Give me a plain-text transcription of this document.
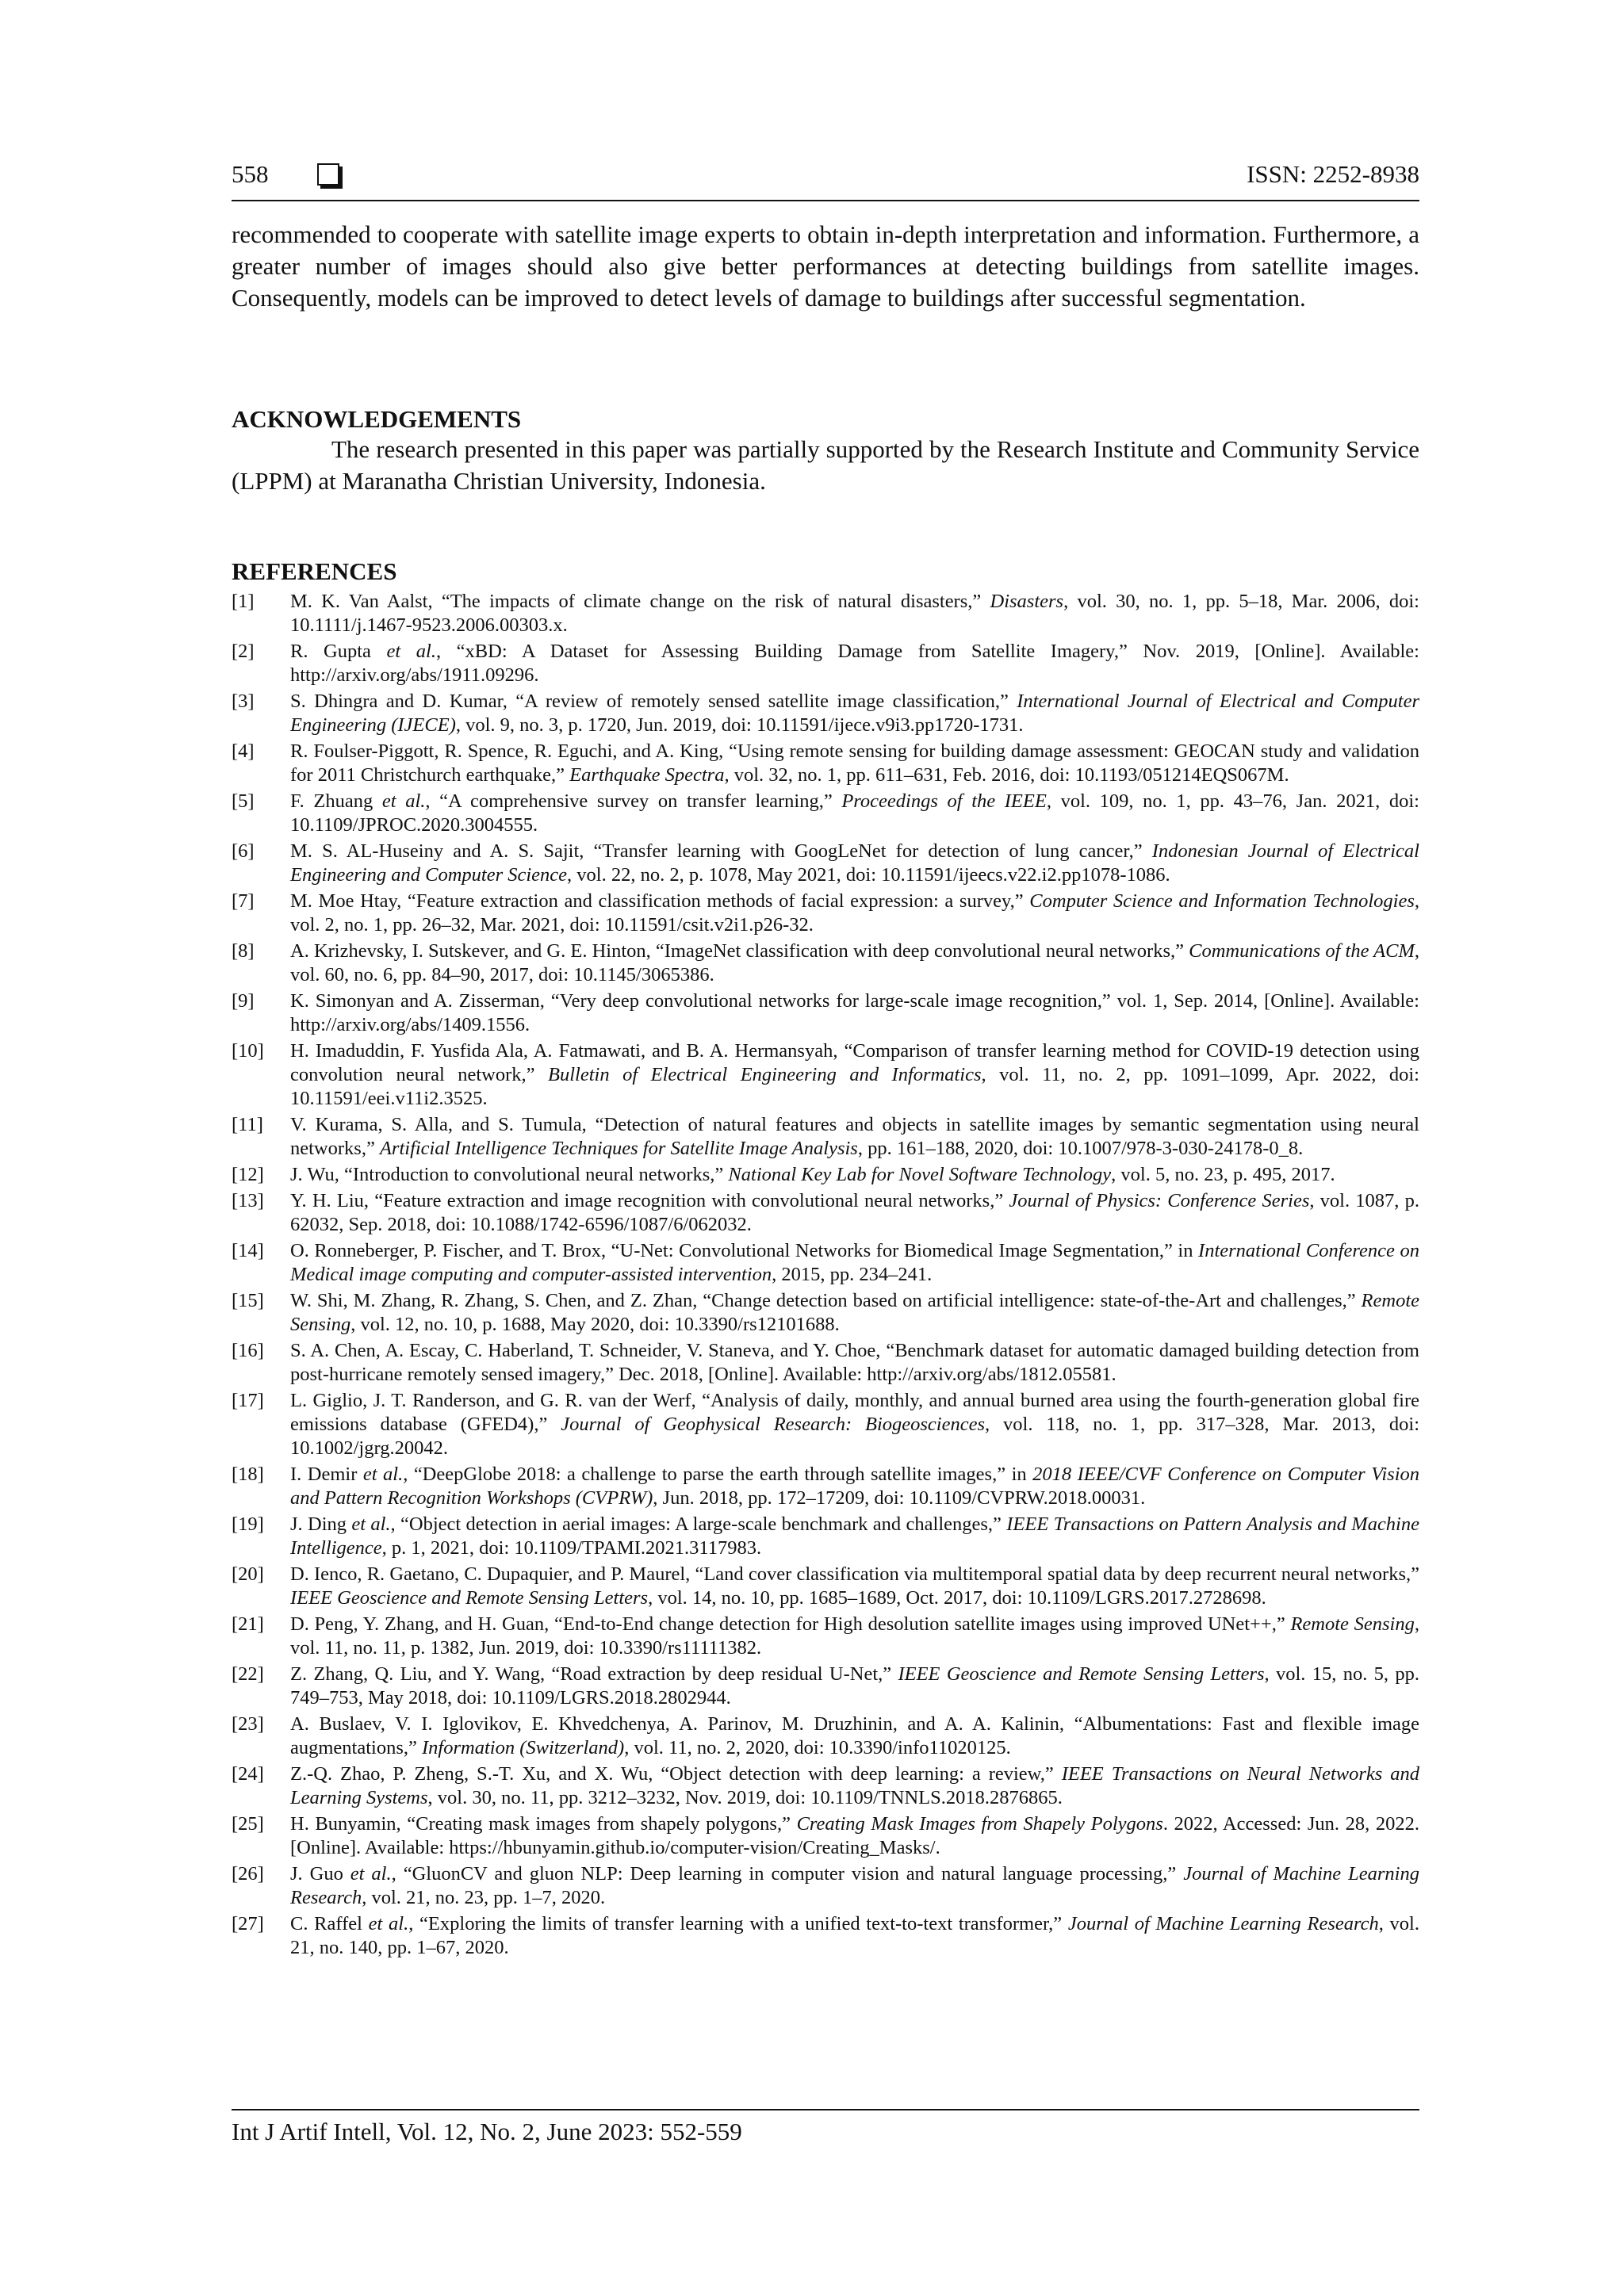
558	ISSN: 2252-8938

recommended to cooperate with satellite image experts to obtain in-depth interpretation and information. Furthermore, a greater number of images should also give better performances at detecting buildings from satellite images. Consequently, models can be improved to detect levels of damage to buildings after successful segmentation.

ACKNOWLEDGEMENTS

The research presented in this paper was partially supported by the Research Institute and Community Service (LPPM) at Maranatha Christian University, Indonesia.

REFERENCES
[1] M. K. Van Aalst, “The impacts of climate change on the risk of natural disasters,” Disasters, vol. 30, no. 1, pp. 5–18, Mar. 2006, doi: 10.1111/j.1467-9523.2006.00303.x.
[2] R. Gupta et al., “xBD: A Dataset for Assessing Building Damage from Satellite Imagery,” Nov. 2019, [Online]. Available: http://arxiv.org/abs/1911.09296.
[3] S. Dhingra and D. Kumar, “A review of remotely sensed satellite image classification,” International Journal of Electrical and Computer Engineering (IJECE), vol. 9, no. 3, p. 1720, Jun. 2019, doi: 10.11591/ijece.v9i3.pp1720-1731.
[4] R. Foulser-Piggott, R. Spence, R. Eguchi, and A. King, “Using remote sensing for building damage assessment: GEOCAN study and validation for 2011 Christchurch earthquake,” Earthquake Spectra, vol. 32, no. 1, pp. 611–631, Feb. 2016, doi: 10.1193/051214EQS067M.
[5] F. Zhuang et al., “A comprehensive survey on transfer learning,” Proceedings of the IEEE, vol. 109, no. 1, pp. 43–76, Jan. 2021, doi: 10.1109/JPROC.2020.3004555.
[6] M. S. AL-Huseiny and A. S. Sajit, “Transfer learning with GoogLeNet for detection of lung cancer,” Indonesian Journal of Electrical Engineering and Computer Science, vol. 22, no. 2, p. 1078, May 2021, doi: 10.11591/ijeecs.v22.i2.pp1078-1086.
[7] M. Moe Htay, “Feature extraction and classification methods of facial expression: a survey,” Computer Science and Information Technologies, vol. 2, no. 1, pp. 26–32, Mar. 2021, doi: 10.11591/csit.v2i1.p26-32.
[8] A. Krizhevsky, I. Sutskever, and G. E. Hinton, “ImageNet classification with deep convolutional neural networks,” Communications of the ACM, vol. 60, no. 6, pp. 84–90, 2017, doi: 10.1145/3065386.
[9] K. Simonyan and A. Zisserman, “Very deep convolutional networks for large-scale image recognition,” vol. 1, Sep. 2014, [Online]. Available: http://arxiv.org/abs/1409.1556.
[10] H. Imaduddin, F. Yusfida Ala, A. Fatmawati, and B. A. Hermansyah, “Comparison of transfer learning method for COVID-19 detection using convolution neural network,” Bulletin of Electrical Engineering and Informatics, vol. 11, no. 2, pp. 1091–1099, Apr. 2022, doi: 10.11591/eei.v11i2.3525.
[11] V. Kurama, S. Alla, and S. Tumula, “Detection of natural features and objects in satellite images by semantic segmentation using neural networks,” Artificial Intelligence Techniques for Satellite Image Analysis, pp. 161–188, 2020, doi: 10.1007/978-3-030-24178-0_8.
[12] J. Wu, “Introduction to convolutional neural networks,” National Key Lab for Novel Software Technology, vol. 5, no. 23, p. 495, 2017.
[13] Y. H. Liu, “Feature extraction and image recognition with convolutional neural networks,” Journal of Physics: Conference Series, vol. 1087, p. 62032, Sep. 2018, doi: 10.1088/1742-6596/1087/6/062032.
[14] O. Ronneberger, P. Fischer, and T. Brox, “U-Net: Convolutional Networks for Biomedical Image Segmentation,” in International Conference on Medical image computing and computer-assisted intervention, 2015, pp. 234–241.
[15] W. Shi, M. Zhang, R. Zhang, S. Chen, and Z. Zhan, “Change detection based on artificial intelligence: state-of-the-Art and challenges,” Remote Sensing, vol. 12, no. 10, p. 1688, May 2020, doi: 10.3390/rs12101688.
[16] S. A. Chen, A. Escay, C. Haberland, T. Schneider, V. Staneva, and Y. Choe, “Benchmark dataset for automatic damaged building detection from post-hurricane remotely sensed imagery,” Dec. 2018, [Online]. Available: http://arxiv.org/abs/1812.05581.
[17] L. Giglio, J. T. Randerson, and G. R. van der Werf, “Analysis of daily, monthly, and annual burned area using the fourth-generation global fire emissions database (GFED4),” Journal of Geophysical Research: Biogeosciences, vol. 118, no. 1, pp. 317–328, Mar. 2013, doi: 10.1002/jgrg.20042.
[18] I. Demir et al., “DeepGlobe 2018: a challenge to parse the earth through satellite images,” in 2018 IEEE/CVF Conference on Computer Vision and Pattern Recognition Workshops (CVPRW), Jun. 2018, pp. 172–17209, doi: 10.1109/CVPRW.2018.00031.
[19] J. Ding et al., “Object detection in aerial images: A large-scale benchmark and challenges,” IEEE Transactions on Pattern Analysis and Machine Intelligence, p. 1, 2021, doi: 10.1109/TPAMI.2021.3117983.
[20] D. Ienco, R. Gaetano, C. Dupaquier, and P. Maurel, “Land cover classification via multitemporal spatial data by deep recurrent neural networks,” IEEE Geoscience and Remote Sensing Letters, vol. 14, no. 10, pp. 1685–1689, Oct. 2017, doi: 10.1109/LGRS.2017.2728698.
[21] D. Peng, Y. Zhang, and H. Guan, “End-to-End change detection for High desolution satellite images using improved UNet++,” Remote Sensing, vol. 11, no. 11, p. 1382, Jun. 2019, doi: 10.3390/rs11111382.
[22] Z. Zhang, Q. Liu, and Y. Wang, “Road extraction by deep residual U-Net,” IEEE Geoscience and Remote Sensing Letters, vol. 15, no. 5, pp. 749–753, May 2018, doi: 10.1109/LGRS.2018.2802944.
[23] A. Buslaev, V. I. Iglovikov, E. Khvedchenya, A. Parinov, M. Druzhinin, and A. A. Kalinin, “Albumentations: Fast and flexible image augmentations,” Information (Switzerland), vol. 11, no. 2, 2020, doi: 10.3390/info11020125.
[24] Z.-Q. Zhao, P. Zheng, S.-T. Xu, and X. Wu, “Object detection with deep learning: a review,” IEEE Transactions on Neural Networks and Learning Systems, vol. 30, no. 11, pp. 3212–3232, Nov. 2019, doi: 10.1109/TNNLS.2018.2876865.
[25] H. Bunyamin, “Creating mask images from shapely polygons,” Creating Mask Images from Shapely Polygons. 2022, Accessed: Jun. 28, 2022. [Online]. Available: https://hbunyamin.github.io/computer-vision/Creating_Masks/.
[26] J. Guo et al., “GluonCV and gluon NLP: Deep learning in computer vision and natural language processing,” Journal of Machine Learning Research, vol. 21, no. 23, pp. 1–7, 2020.
[27] C. Raffel et al., “Exploring the limits of transfer learning with a unified text-to-text transformer,” Journal of Machine Learning Research, vol. 21, no. 140, pp. 1–67, 2020.
Int J Artif Intell, Vol. 12, No. 2, June 2023: 552-559
